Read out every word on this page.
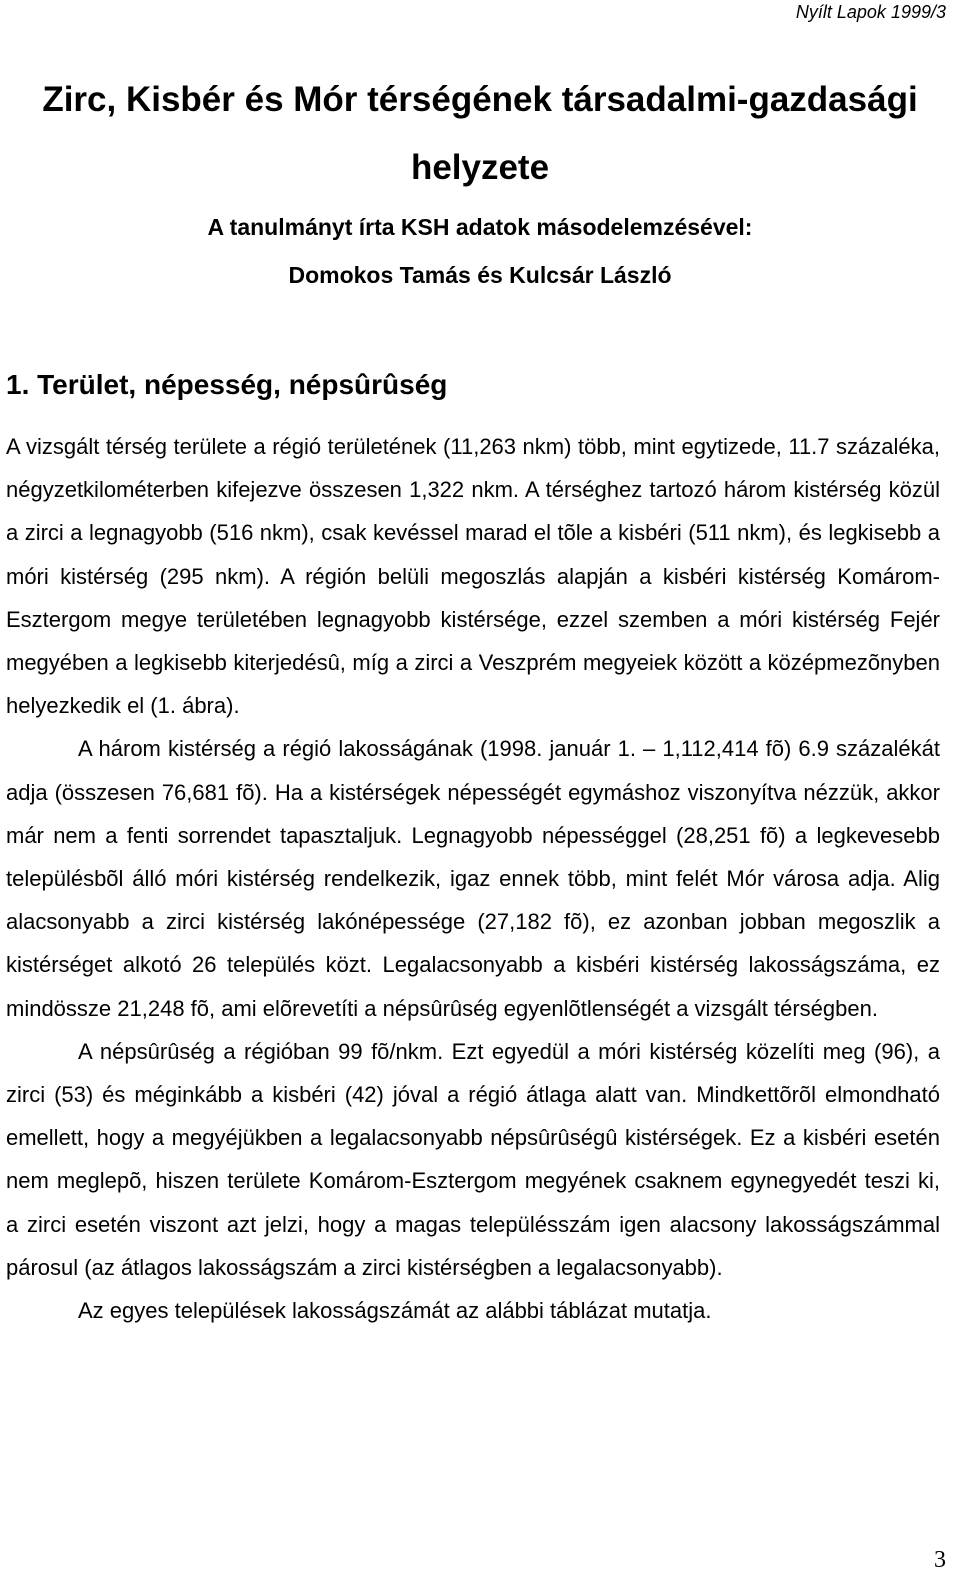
Nyílt Lapok 1999/3
Zirc, Kisbér és Mór térségének társadalmi-gazdasági helyzete
A tanulmányt írta KSH adatok másodelemzésével:
Domokos Tamás és Kulcsár László
1. Terület, népesség, népsûrûség

A vizsgált térség területe a régió területének (11,263 nkm) több, mint egytizede, 11.7 százaléka, négyzetkilométerben kifejezve összesen 1,322 nkm. A térséghez tartozó három kistérség közül a zirci a legnagyobb (516 nkm), csak kevéssel marad el tõle a kisbéri (511 nkm), és legkisebb a móri kistérség (295 nkm). A régión belüli megoszlás alapján a kisbéri kistérség Komárom-Esztergom megye területében legnagyobb kistérsége, ezzel szemben a móri kistérség Fejér megyében a legkisebb kiterjedésû, míg a zirci a Veszprém megyeiek között a középmezõnyben helyezkedik el (1. ábra).

A három kistérség a régió lakosságának (1998. január 1. – 1,112,414 fõ) 6.9 százalékát adja (összesen 76,681 fõ). Ha a kistérségek népességét egymáshoz viszonyítva nézzük, akkor már nem a fenti sorrendet tapasztaljuk. Legnagyobb népességgel (28,251 fõ) a legkevesebb településbõl álló móri kistérség rendelkezik, igaz ennek több, mint felét Mór városa adja. Alig alacsonyabb a zirci kistérség lakónépessége (27,182 fõ), ez azonban jobban megoszlik a kistérséget alkotó 26 település közt. Legalacsonyabb a kisbéri kistérség lakosságszáma, ez mindössze 21,248 fõ, ami elõrevetíti a népsûrûség egyenlõtlenségét a vizsgált térségben.

A népsûrûség a régióban 99 fõ/nkm. Ezt egyedül a móri kistérség közelíti meg (96), a zirci (53) és méginkább a kisbéri (42) jóval a régió átlaga alatt van. Mindkettõrõl elmondható emellett, hogy a megyéjükben a legalacsonyabb népsûrûségû kistérségek. Ez a kisbéri esetén nem meglepõ, hiszen területe Komárom-Esztergom megyének csaknem egynegyedét teszi ki, a zirci esetén viszont azt jelzi, hogy a magas településszám igen alacsony lakosságszámmal párosul (az átlagos lakosságszám a zirci kistérségben a legalacsonyabb).

Az egyes települések lakosságszámát az alábbi táblázat mutatja.

3
